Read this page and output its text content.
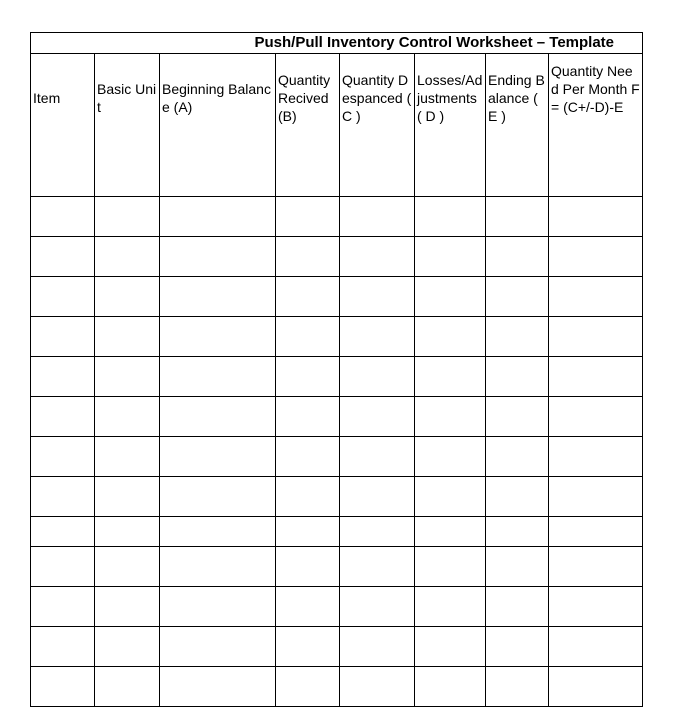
Push/Pull Inventory Control Worksheet – Template							

Item	Basic Unit	Beginning Balance (A)	Quantity Recived (B)	Quantity Despanced ( C )	Losses/Adjustments ( D )	Ending Balance ( E )	Quantity Need Per Month F= (C+/-D)-E
